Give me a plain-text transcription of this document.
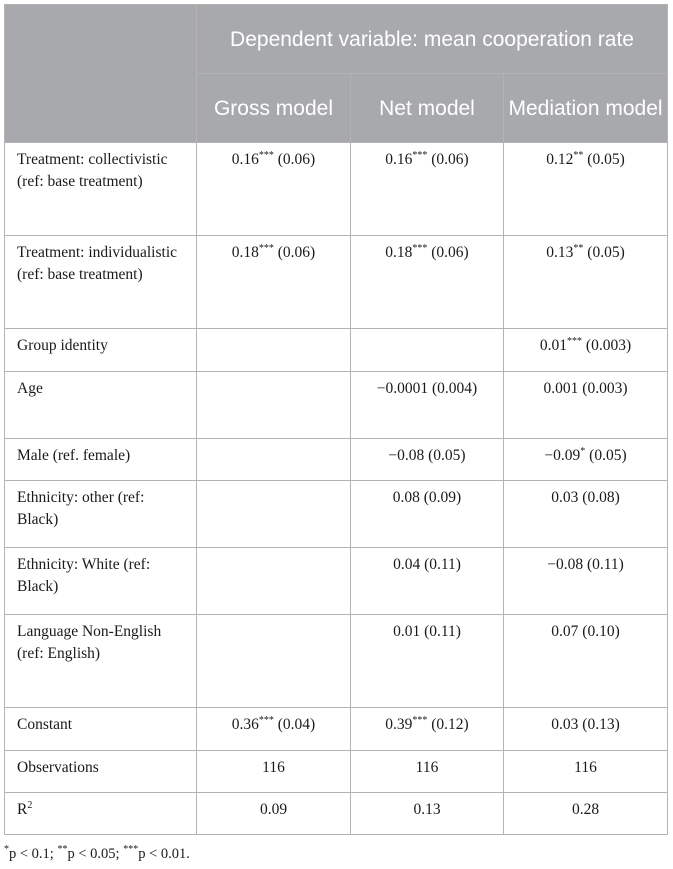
	Dependent variable: mean cooperation rate		
	Gross model	Net model	Mediation model
Treatment: collectivistic (ref: base treatment)	0.16*** (0.06)	0.16*** (0.06)	0.12** (0.05)
Treatment: individualistic (ref: base treatment)	0.18*** (0.06)	0.18*** (0.06)	0.13** (0.05)
Group identity			0.01*** (0.003)
Age		−0.0001 (0.004)	0.001 (0.003)
Male (ref. female)		−0.08 (0.05)	−0.09* (0.05)
Ethnicity: other (ref: Black)		0.08 (0.09)	0.03 (0.08)
Ethnicity: White (ref: Black)		0.04 (0.11)	−0.08 (0.11)
Language Non-English (ref: English)		0.01 (0.11)	0.07 (0.10)
Constant	0.36*** (0.04)	0.39*** (0.12)	0.03 (0.13)
Observations	116	116	116
$R^2$	0.09	0.13	0.28
*p < 0.1; **p < 0.05; ***p < 0.01.
